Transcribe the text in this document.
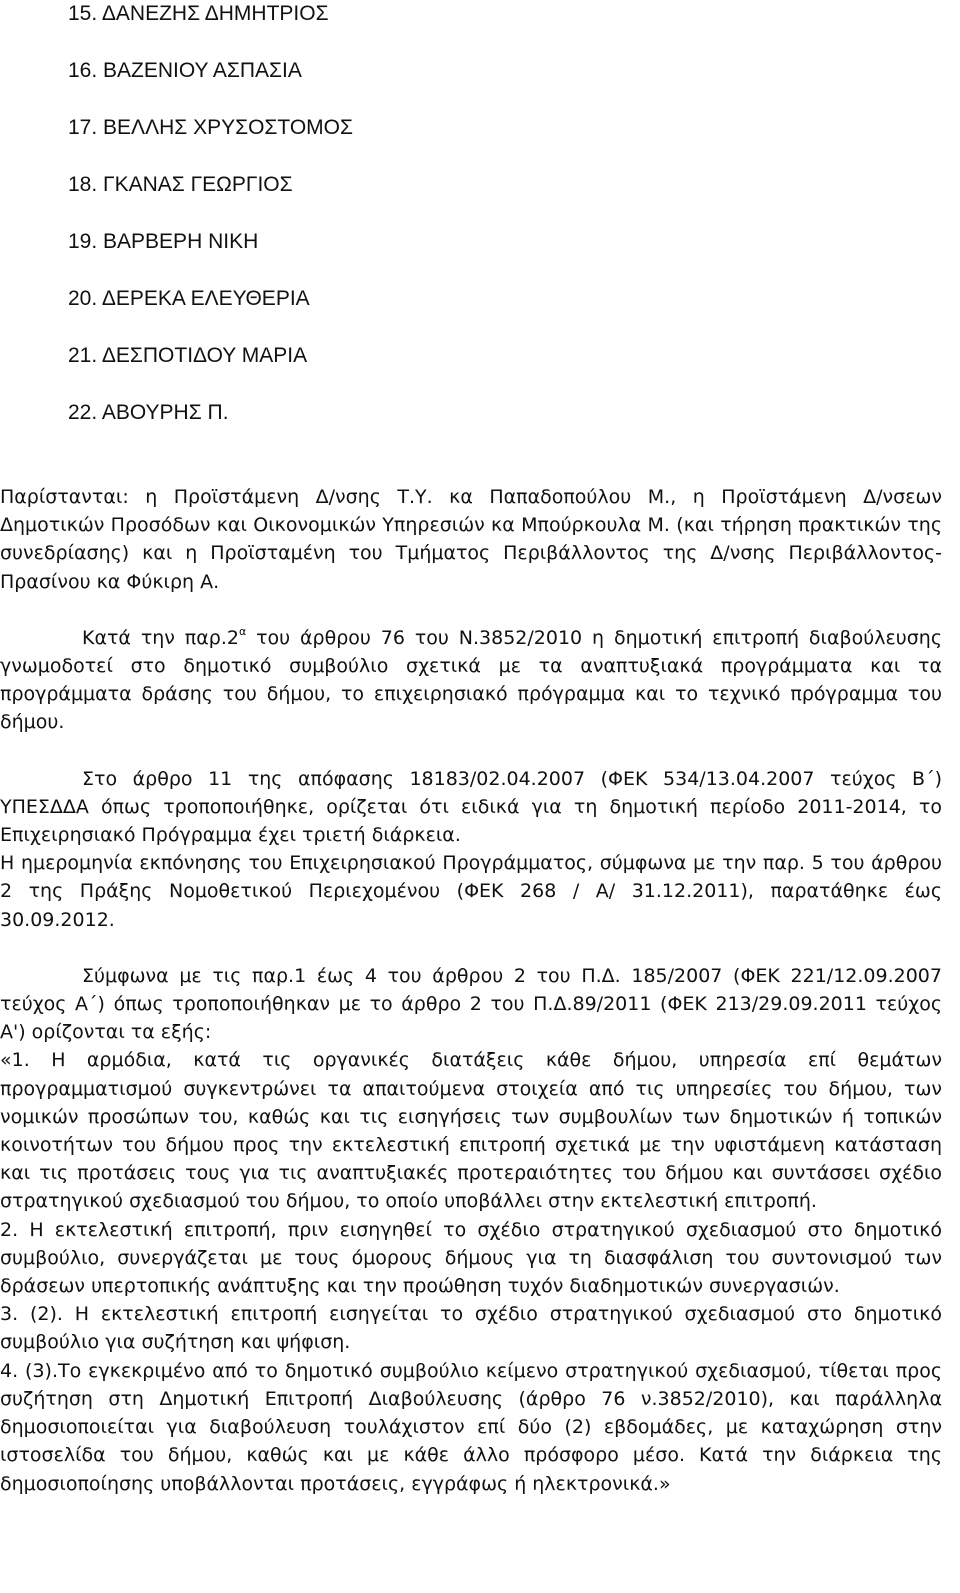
15. ΔΑΝΕΖΗΣ ΔΗΜΗΤΡΙΟΣ
16. ΒΑΖΕΝΙΟΥ ΑΣΠΑΣΙΑ
17. ΒΕΛΛΗΣ ΧΡΥΣΟΣΤΟΜΟΣ
18. ΓΚΑΝΑΣ ΓΕΩΡΓΙΟΣ
19. ΒΑΡΒΕΡΗ ΝΙΚΗ
20. ΔΕΡΕΚΑ ΕΛΕΥΘΕΡΙΑ
21. ΔΕΣΠΟΤΙΔΟΥ ΜΑΡΙΑ
22. ΑΒΟΥΡΗΣ Π.

Παρίστανται: η Προϊστάμενη Δ/νσης Τ.Υ. κα Παπαδοπούλου Μ., η Προϊστάμενη Δ/νσεων Δημοτικών Προσόδων και Οικονομικών Υπηρεσιών κα Μπούρκουλα Μ. (και τήρηση πρακτικών της συνεδρίασης) και η Προϊσταμένη του Τμήματος Περιβάλλοντος της Δ/νσης Περιβάλλοντος-Πρασίνου κα Φύκιρη Α.

Κατά την $\pi\alpha\rho.2^\alpha$ του άρθρου 76 του Ν.3852/2010 η δημοτική επιτροπή διαβούλευσης γνωμοδοτεί στο δημοτικό συμβούλιο σχετικά με τα αναπτυξιακά προγράμματα και τα προγράμματα δράσης του δήμου, το επιχειρησιακό πρόγραμμα και το τεχνικό πρόγραμμα του δήμου.

Στο άρθρο 11 της απόφασης 18183/02.04.2007 (ΦΕΚ 534/13.04.2007 τεύχος Β΄) ΥΠΕΣΔΔΑ όπως τροποποιήθηκε, ορίζεται ότι ειδικά για τη δημοτική περίοδο 2011-2014, το Επιχειρησιακό Πρόγραμμα έχει τριετή διάρκεια.

Η ημερομηνία εκπόνησης του Επιχειρησιακού Προγράμματος, σύμφωνα με την παρ. 5 του άρθρου 2 της Πράξης Νομοθετικού Περιεχομένου (ΦΕΚ 268 / Α/ 31.12.2011), παρατάθηκε έως 30.09.2012.

Σύμφωνα με τις παρ.1 έως 4 του άρθρου 2 του Π.Δ. 185/2007 (ΦΕΚ 221/12.09.2007 τεύχος Α΄) όπως τροποποιήθηκαν με το άρθρο 2 του Π.Δ.89/2011 (ΦΕΚ 213/29.09.2011 τεύχος Α') ορίζονται τα εξής:

«1. Η αρμόδια, κατά τις οργανικές διατάξεις κάθε δήμου, υπηρεσία επί θεμάτων προγραμματισμού συγκεντρώνει τα απαιτούμενα στοιχεία από τις υπηρεσίες του δήμου, των νομικών προσώπων του, καθώς και τις εισηγήσεις των συμβουλίων των δημοτικών ή τοπικών κοινοτήτων του δήμου προς την εκτελεστική επιτροπή σχετικά με την υφιστάμενη κατάσταση και τις προτάσεις τους για τις αναπτυξιακές προτεραιότητες του δήμου και συντάσσει σχέδιο στρατηγικού σχεδιασμού του δήμου, το οποίο υποβάλλει στην εκτελεστική επιτροπή.

2. Η εκτελεστική επιτροπή, πριν εισηγηθεί το σχέδιο στρατηγικού σχεδιασμού στο δημοτικό συμβούλιο, συνεργάζεται με τους όμορους δήμους για τη διασφάλιση του συντονισμού των δράσεων υπερτοπικής ανάπτυξης και την προώθηση τυχόν διαδημοτικών συνεργασιών.

3. (2). Η εκτελεστική επιτροπή εισηγείται το σχέδιο στρατηγικού σχεδιασμού στο δημοτικό συμβούλιο για συζήτηση και ψήφιση.

4. (3).Το εγκεκριμένο από το δημοτικό συμβούλιο κείμενο στρατηγικού σχεδιασμού, τίθεται προς συζήτηση στη Δημοτική Επιτροπή Διαβούλευσης (άρθρο 76 ν.3852/2010), και παράλληλα δημοσιοποιείται για διαβούλευση τουλάχιστον επί δύο (2) εβδομάδες, με καταχώρηση στην ιστοσελίδα του δήμου, καθώς και με κάθε άλλο πρόσφορο μέσο. Κατά την διάρκεια της δημοσιοποίησης υποβάλλονται προτάσεις, εγγράφως ή ηλεκτρονικά.»
